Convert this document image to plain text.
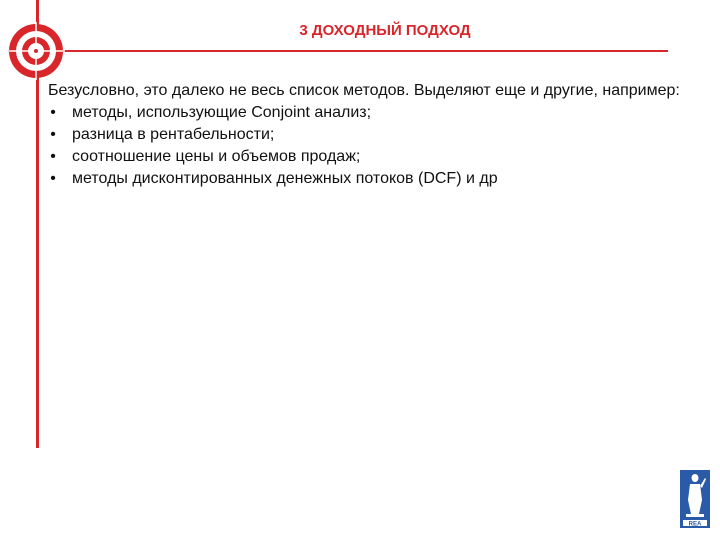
3 ДОХОДНЫЙ ПОДХОД

Безусловно, это далеко не весь список методов. Выделяют еще и другие, например:

• методы, использующие Conjoint анализ;
• разница в рентабельности;
• соотношение цены и объемов продаж;
• методы дисконтированных денежных потоков (DCF) и др
REA
